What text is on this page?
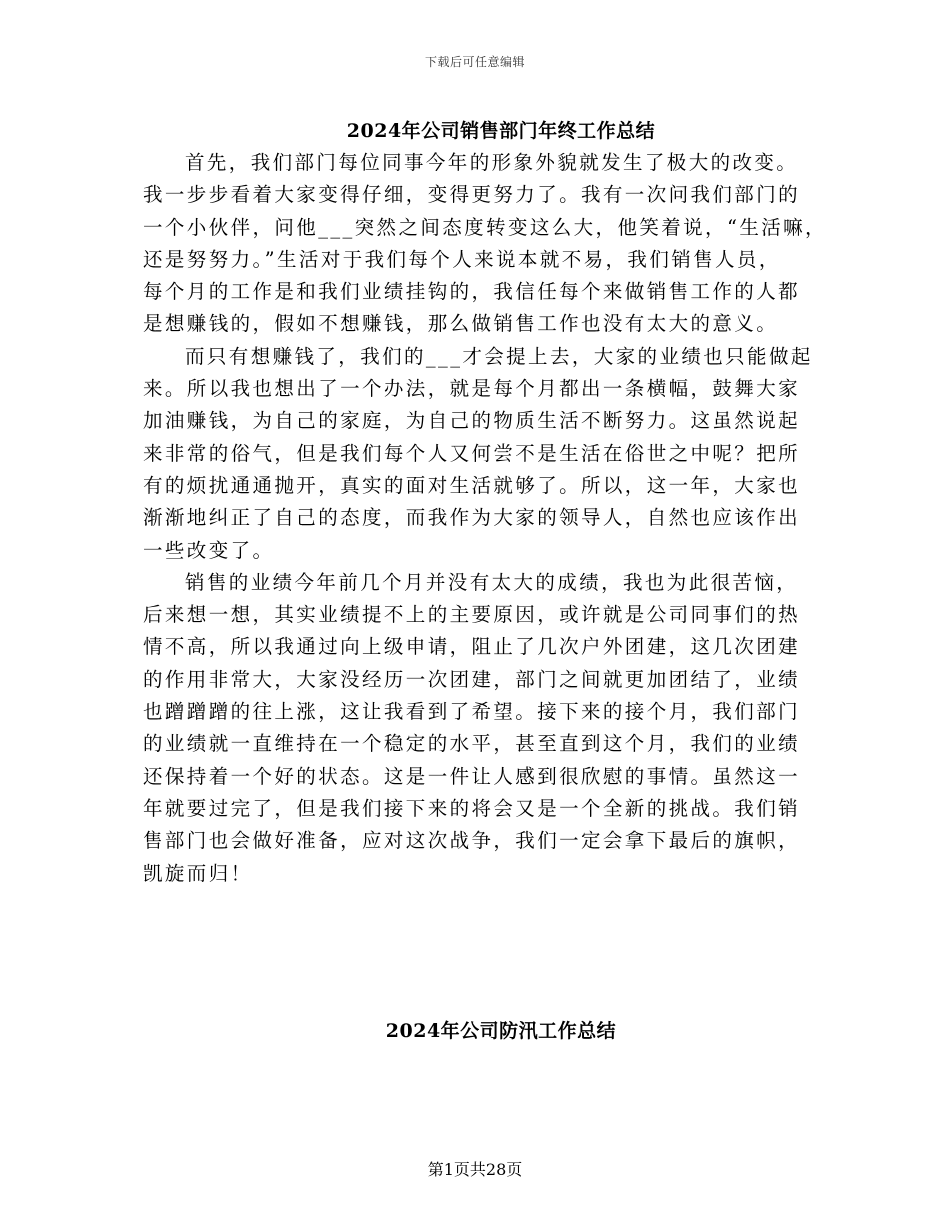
下载后可任意编辑
2024年公司销售部门年终工作总结

首先，我们部门每位同事今年的形象外貌就发生了极大的改变。
我一步步看着大家变得仔细，变得更努力了。我有一次问我们部门的
一个小伙伴，问他___突然之间态度转变这么大，他笑着说，“生活嘛，
还是努努力。”生活对于我们每个人来说本就不易，我们销售人员，
每个月的工作是和我们业绩挂钩的，我信任每个来做销售工作的人都
是想赚钱的，假如不想赚钱，那么做销售工作也没有太大的意义。

而只有想赚钱了，我们的___才会提上去，大家的业绩也只能做起
来。所以我也想出了一个办法，就是每个月都出一条横幅，鼓舞大家
加油赚钱，为自己的家庭，为自己的物质生活不断努力。这虽然说起
来非常的俗气，但是我们每个人又何尝不是生活在俗世之中呢？把所
有的烦扰通通抛开，真实的面对生活就够了。所以，这一年，大家也
渐渐地纠正了自己的态度，而我作为大家的领导人，自然也应该作出
一些改变了。

销售的业绩今年前几个月并没有太大的成绩，我也为此很苦恼，
后来想一想，其实业绩提不上的主要原因，或许就是公司同事们的热
情不高，所以我通过向上级申请，阻止了几次户外团建，这几次团建
的作用非常大，大家没经历一次团建，部门之间就更加团结了，业绩
也蹭蹭蹭的往上涨，这让我看到了希望。接下来的接个月，我们部门
的业绩就一直维持在一个稳定的水平，甚至直到这个月，我们的业绩
还保持着一个好的状态。这是一件让人感到很欣慰的事情。虽然这一
年就要过完了，但是我们接下来的将会又是一个全新的挑战。我们销
售部门也会做好准备，应对这次战争，我们一定会拿下最后的旗帜，
凯旋而归！

2024年公司防汛工作总结
第1页共28页
